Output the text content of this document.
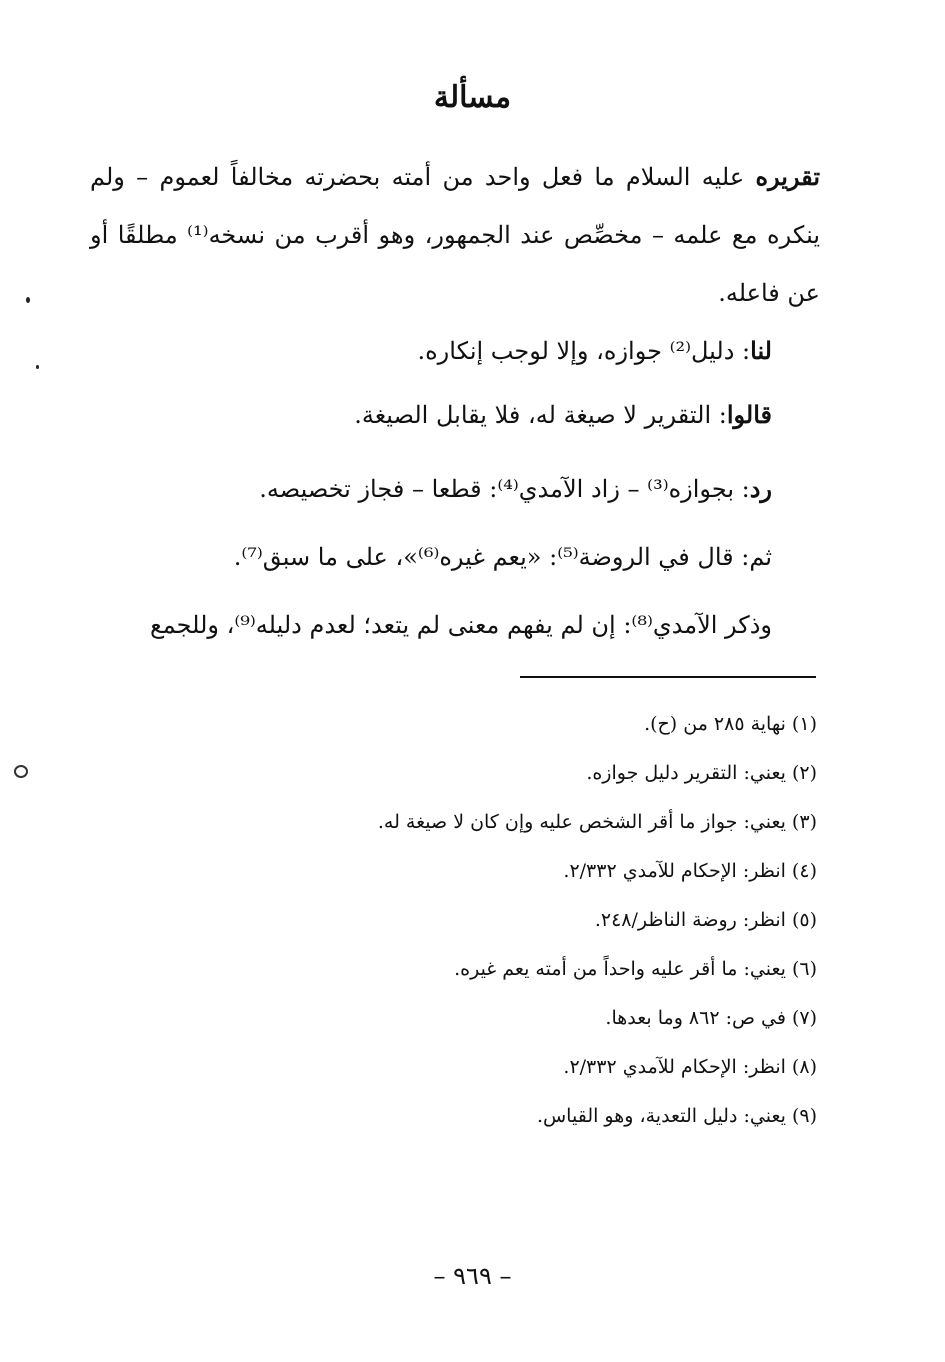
مسألة

تقريره عليه السلام ما فعل واحد من أمته بحضرته مخالفاً لعموم – ولم ينكره مع علمه – مخصِّص عند الجمهور، وهو أقرب من نسخه⁽¹⁾ مطلقًا أو عن فاعله.

لنا: دليل⁽²⁾ جوازه، وإلا لوجب إنكاره.

قالوا: التقرير لا صيغة له، فلا يقابل الصيغة.

رد: بجوازه⁽³⁾ – زاد الآمدي⁽⁴⁾: قطعا – فجاز تخصيصه.

ثم: قال في الروضة⁽⁵⁾: «يعم غيره⁽⁶⁾»، على ما سبق⁽⁷⁾.

وذكر الآمدي⁽⁸⁾: إن لم يفهم معنى لم يتعد؛ لعدم دليله⁽⁹⁾، وللجمع

(١) نهاية ٢٨٥ من (ح).

(٢) يعني: التقرير دليل جوازه.

(٣) يعني: جواز ما أقر الشخص عليه وإن كان لا صيغة له.

(٤) انظر: الإحكام للآمدي ٢/٣٣٢.

(٥) انظر: روضة الناظر/٢٤٨.

(٦) يعني: ما أقر عليه واحداً من أمته يعم غيره.

(٧) في ص: ٨٦٢ وما بعدها.

(٨) انظر: الإحكام للآمدي ٢/٣٣٢.

(٩) يعني: دليل التعدية، وهو القياس.

– ٩٦٩ –
